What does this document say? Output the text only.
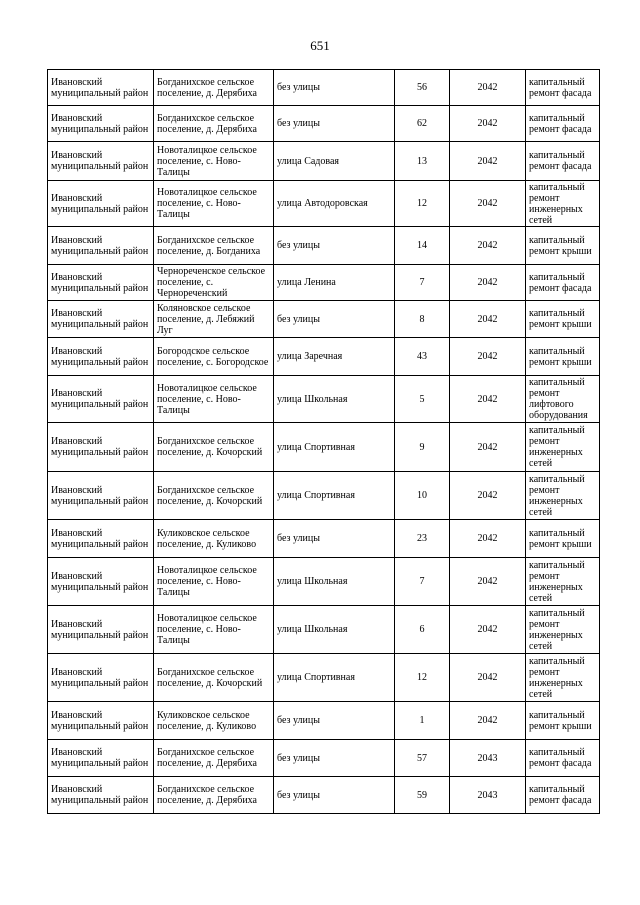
651
Ивановский муниципальный район	Богданихское сельское поселение, д. Дерябиха	без улицы	56	2042	капитальный ремонт фасада
Ивановский муниципальный район	Богданихское сельское поселение, д. Дерябиха	без улицы	62	2042	капитальный ремонт фасада
Ивановский муниципальный район	Новоталицкое сельское поселение, с. Ново-Талицы	улица Садовая	13	2042	капитальный ремонт фасада
Ивановский муниципальный район	Новоталицкое сельское поселение, с. Ново-Талицы	улица Автодоровская	12	2042	капитальный ремонт инженерных сетей
Ивановский муниципальный район	Богданихское сельское поселение, д. Богданиха	без улицы	14	2042	капитальный ремонт крыши
Ивановский муниципальный район	Чернореченское сельское поселение, с. Чернореченский	улица Ленина	7	2042	капитальный ремонт фасада
Ивановский муниципальный район	Коляновское сельское поселение, д. Лебяжий Луг	без улицы	8	2042	капитальный ремонт крыши
Ивановский муниципальный район	Богородское сельское поселение, с. Богородское	улица Заречная	43	2042	капитальный ремонт крыши
Ивановский муниципальный район	Новоталицкое сельское поселение, с. Ново-Талицы	улица Школьная	5	2042	капитальный ремонт лифтового оборудования
Ивановский муниципальный район	Богданихское сельское поселение, д. Кочорский	улица Спортивная	9	2042	капитальный ремонт инженерных сетей
Ивановский муниципальный район	Богданихское сельское поселение, д. Кочорский	улица Спортивная	10	2042	капитальный ремонт инженерных сетей
Ивановский муниципальный район	Куликовское сельское поселение, д. Куликово	без улицы	23	2042	капитальный ремонт крыши
Ивановский муниципальный район	Новоталицкое сельское поселение, с. Ново-Талицы	улица Школьная	7	2042	капитальный ремонт инженерных сетей
Ивановский муниципальный район	Новоталицкое сельское поселение, с. Ново-Талицы	улица Школьная	6	2042	капитальный ремонт инженерных сетей
Ивановский муниципальный район	Богданихское сельское поселение, д. Кочорский	улица Спортивная	12	2042	капитальный ремонт инженерных сетей
Ивановский муниципальный район	Куликовское сельское поселение, д. Куликово	без улицы	1	2042	капитальный ремонт крыши
Ивановский муниципальный район	Богданихское сельское поселение, д. Дерябиха	без улицы	57	2043	капитальный ремонт фасада
Ивановский муниципальный район	Богданихское сельское поселение, д. Дерябиха	без улицы	59	2043	капитальный ремонт фасада
